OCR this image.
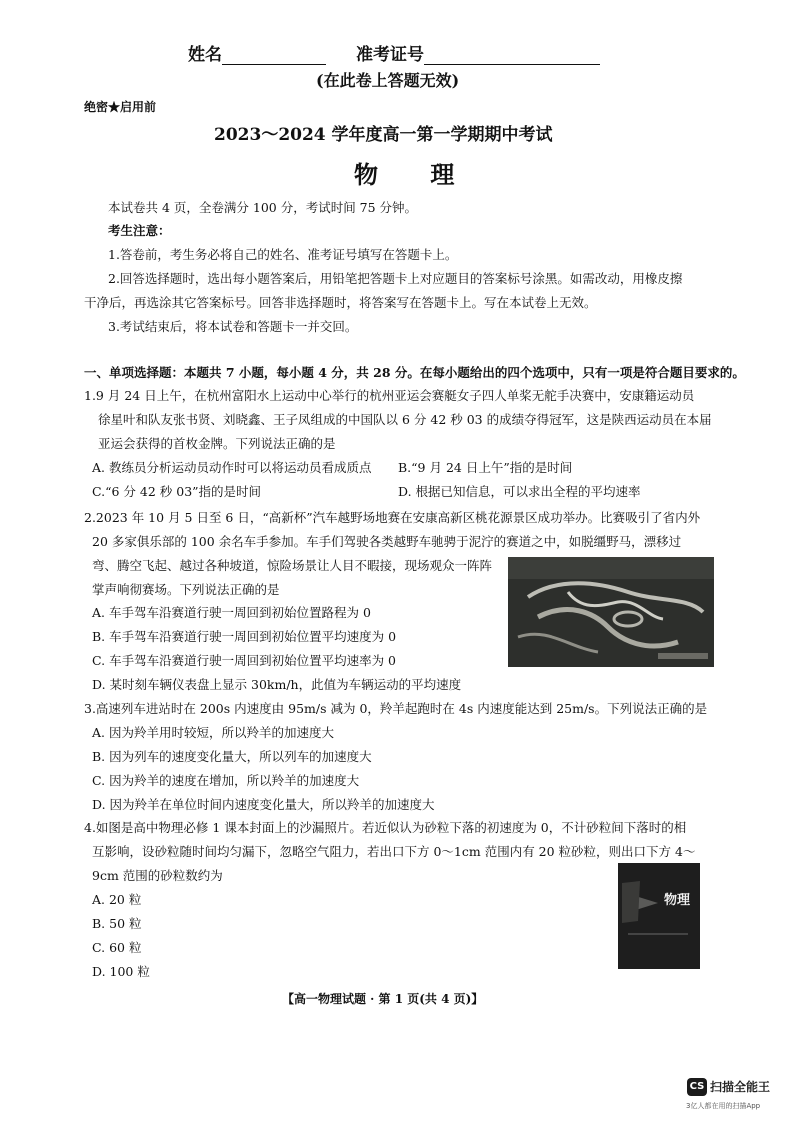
姓名	准考证号
(在此卷上答题无效)
绝密★启用前
2023～2024 学年度高一第一学期期中考试
物 理
本试卷共 4 页，全卷满分 100 分，考试时间 75 分钟。
考生注意：
1.答卷前，考生务必将自己的姓名、准考证号填写在答题卡上。
2.回答选择题时，选出每小题答案后，用铅笔把答题卡上对应题目的答案标号涂黑。如需改动，用橡皮擦
干净后，再选涂其它答案标号。回答非选择题时，将答案写在答题卡上。写在本试卷上无效。
3.考试结束后，将本试卷和答题卡一并交回。
一、单项选择题：本题共 7 小题，每小题 4 分，共 28 分。在每小题给出的四个选项中，只有一项是符合题目要求的。
1.9 月 24 日上午，在杭州富阳水上运动中心举行的杭州亚运会赛艇女子四人单桨无舵手决赛中，安康籍运动员
徐星叶和队友张书贤、刘晓鑫、王子凤组成的中国队以 6 分 42 秒 03 的成绩夺得冠军，这是陕西运动员在本届
亚运会获得的首枚金牌。下列说法正确的是
A. 教练员分析运动员动作时可以将运动员看成质点 B.“9 月 24 日上午”指的是时间
C.“6 分 42 秒 03”指的是时间	D. 根据已知信息，可以求出全程的平均速率
2.2023 年 10 月 5 日至 6 日，“高新杯”汽车越野场地赛在安康高新区桃花源景区成功举办。比赛吸引了省内外
20 多家俱乐部的 100 余名车手参加。车手们驾驶各类越野车驰骋于泥泞的赛道之中，如脱缰野马，漂移过
弯、腾空飞起、越过各种坡道，惊险场景让人目不暇接，现场观众一阵阵
掌声响彻赛场。下列说法正确的是
A. 车手驾车沿赛道行驶一周回到初始位置路程为 0
B. 车手驾车沿赛道行驶一周回到初始位置平均速度为 0
C. 车手驾车沿赛道行驶一周回到初始位置平均速率为 0
D. 某时刻车辆仪表盘上显示 30km/h，此值为车辆运动的平均速度
3.高速列车进站时在 200s 内速度由 95m/s 减为 0，羚羊起跑时在 4s 内速度能达到 25m/s。下列说法正确的是
A. 因为羚羊用时较短，所以羚羊的加速度大
B. 因为列车的速度变化量大，所以列车的加速度大
C. 因为羚羊的速度在增加，所以羚羊的加速度大
D. 因为羚羊在单位时间内速度变化量大，所以羚羊的加速度大
4.如图是高中物理必修 1 课本封面上的沙漏照片。若近似认为砂粒下落的初速度为 0，不计砂粒间下落时的相
互影响，设砂粒随时间均匀漏下，忽略空气阻力，若出口下方 0～1cm 范围内有 20 粒砂粒，则出口下方 4～
9cm 范围的砂粒数约为
A. 20 粒
B. 50 粒
C. 60 粒
D. 100 粒
物理
【高一物理试题 · 第 1 页(共 4 页)】
CS 扫描全能王
3亿人都在用的扫描App
